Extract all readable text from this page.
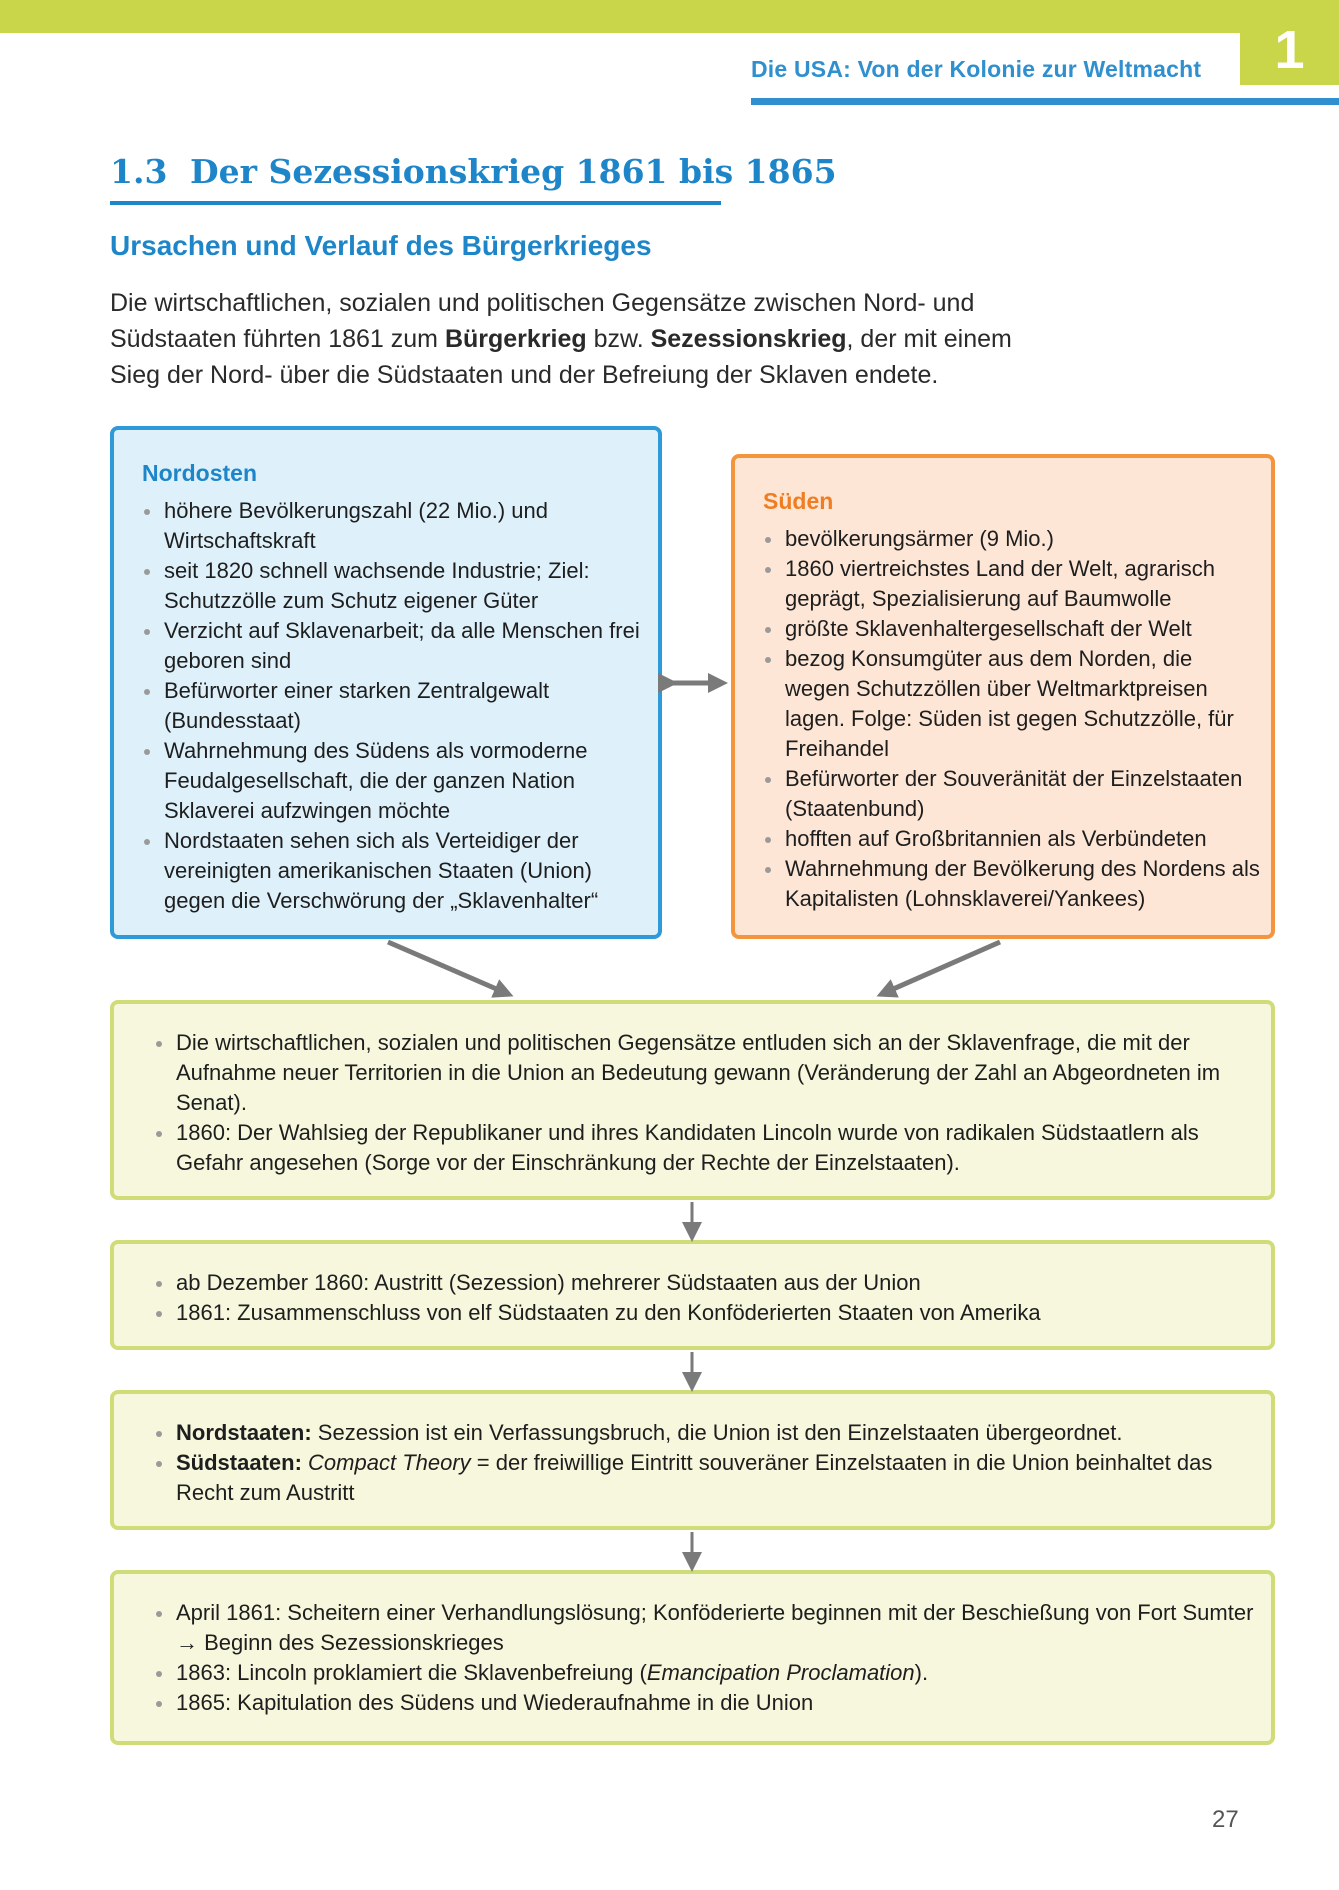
1
Die USA: Von der Kolonie zur Weltmacht
1.3 Der Sezessionskrieg 1861 bis 1865
Ursachen und Verlauf des Bürgerkrieges
Die wirtschaftlichen, sozialen und politischen Gegensätze zwischen Nord- und Südstaaten führten 1861 zum Bürgerkrieg bzw. Sezessionskrieg, der mit einem Sieg der Nord- über die Südstaaten und der Befreiung der Sklaven endete.
Nordosten
höhere Bevölkerungszahl (22 Mio.) und Wirtschaftskraft
seit 1820 schnell wachsende Industrie; Ziel: Schutzzölle zum Schutz eigener Güter
Verzicht auf Sklavenarbeit; da alle Menschen frei geboren sind
Befürworter einer starken Zentralgewalt (Bundesstaat)
Wahrnehmung des Südens als vormoderne Feudalgesellschaft, die der ganzen Nation Sklaverei aufzwingen möchte
Nordstaaten sehen sich als Verteidiger der vereinigten amerikanischen Staaten (Union) gegen die Verschwörung der „Sklavenhalter“
Süden
bevölkerungsärmer (9 Mio.)
1860 viertreichstes Land der Welt, agrarisch geprägt, Spezialisierung auf Baumwolle
größte Sklavenhaltergesellschaft der Welt
bezog Konsumgüter aus dem Norden, die wegen Schutzzöllen über Weltmarktpreisen lagen. Folge: Süden ist gegen Schutzzölle, für Freihandel
Befürworter der Souveränität der Einzelstaaten (Staatenbund)
hofften auf Großbritannien als Verbündeten
Wahrnehmung der Bevölkerung des Nordens als Kapitalisten (Lohnsklaverei/Yankees)
Die wirtschaftlichen, sozialen und politischen Gegensätze entluden sich an der Sklavenfrage, die mit der Aufnahme neuer Territorien in die Union an Bedeutung gewann (Veränderung der Zahl an Abgeordneten im Senat).
1860: Der Wahlsieg der Republikaner und ihres Kandidaten Lincoln wurde von radikalen Südstaatlern als Gefahr angesehen (Sorge vor der Einschränkung der Rechte der Einzelstaaten).
ab Dezember 1860: Austritt (Sezession) mehrerer Südstaaten aus der Union
1861: Zusammenschluss von elf Südstaaten zu den Konföderierten Staaten von Amerika
Nordstaaten: Sezession ist ein Verfassungsbruch, die Union ist den Einzelstaaten übergeordnet.
Südstaaten: Compact Theory = der freiwillige Eintritt souveräner Einzelstaaten in die Union beinhaltet das Recht zum Austritt
April 1861: Scheitern einer Verhandlungslösung; Konföderierte beginnen mit der Beschießung von Fort Sumter → Beginn des Sezessionskrieges
1863: Lincoln proklamiert die Sklavenbefreiung (Emancipation Proclamation).
1865: Kapitulation des Südens und Wiederaufnahme in die Union
27
